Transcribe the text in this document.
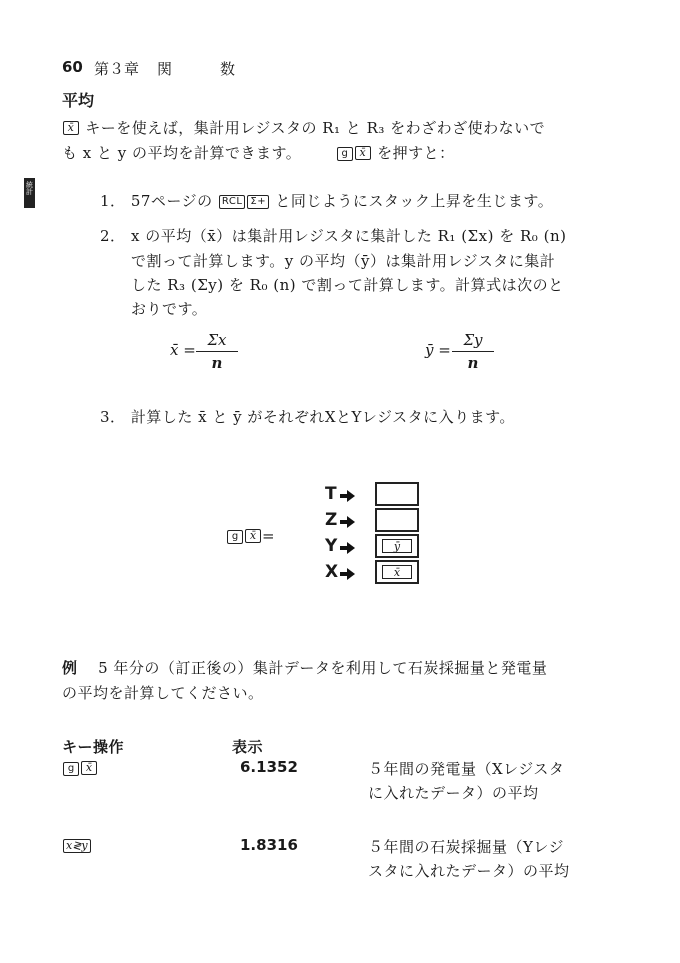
60 第３章 関	数
統計
平均
x̄ キーを使えば，集計用レジスタの R₁ と R₃ をわざわざ使わないで
も x と y の平均を計算できます。	g x̄ を押すと：
1． 57ページの RCL Σ+ と同じようにスタック上昇を生じます。
2． x の平均（x̄）は集計用レジスタに集計した R₁ (Σx) を R₀ (n)
で割って計算します。y の平均（ȳ）は集計用レジスタに集計
した R₃ (Σy) を R₀ (n) で割って計算します。計算式は次のと
おりです。
x̄ =
Σx
n
ȳ =
Σy
n
3． 計算した x̄ と ȳ がそれぞれXとYレジスタに入ります。
g x̄ =
T
Z
Y	ȳ
X	x̄
例 5 年分の（訂正後の）集計データを利用して石炭採掘量と発電量
の平均を計算してください。
キー操作	表示
g x̄	6.1352	５年間の発電量（Xレジスタ
に入れたデータ）の平均
x≷y	1.8316	５年間の石炭採掘量（Yレジ
スタに入れたデータ）の平均
